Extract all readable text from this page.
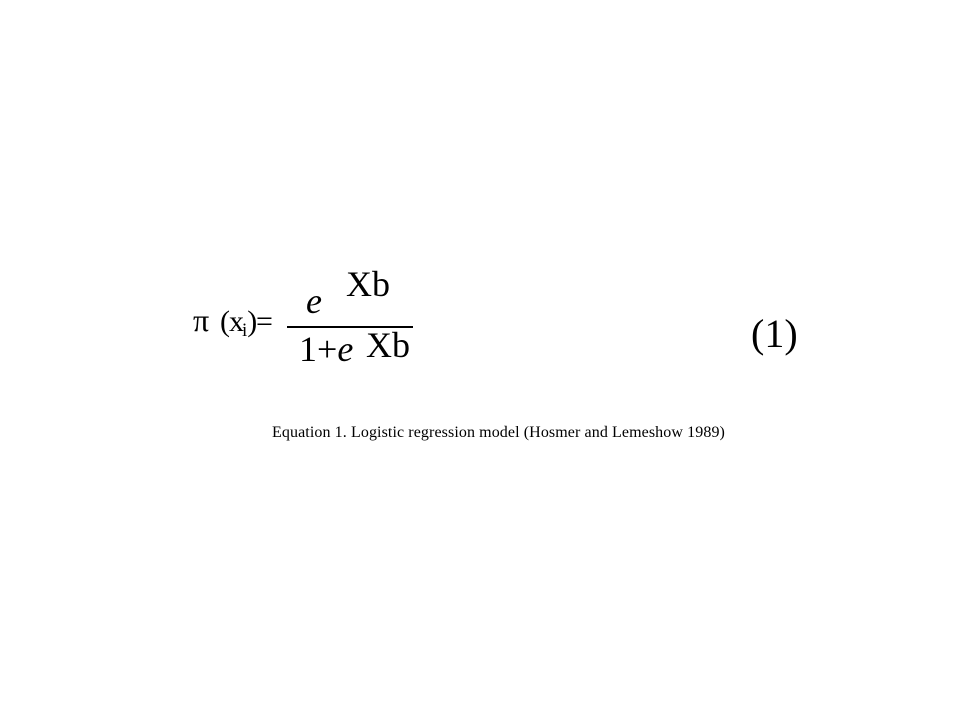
π $(x_i)$ =
e Xb
1+e Xb	(1)
Equation 1. Logistic regression model (Hosmer and Lemeshow 1989)
